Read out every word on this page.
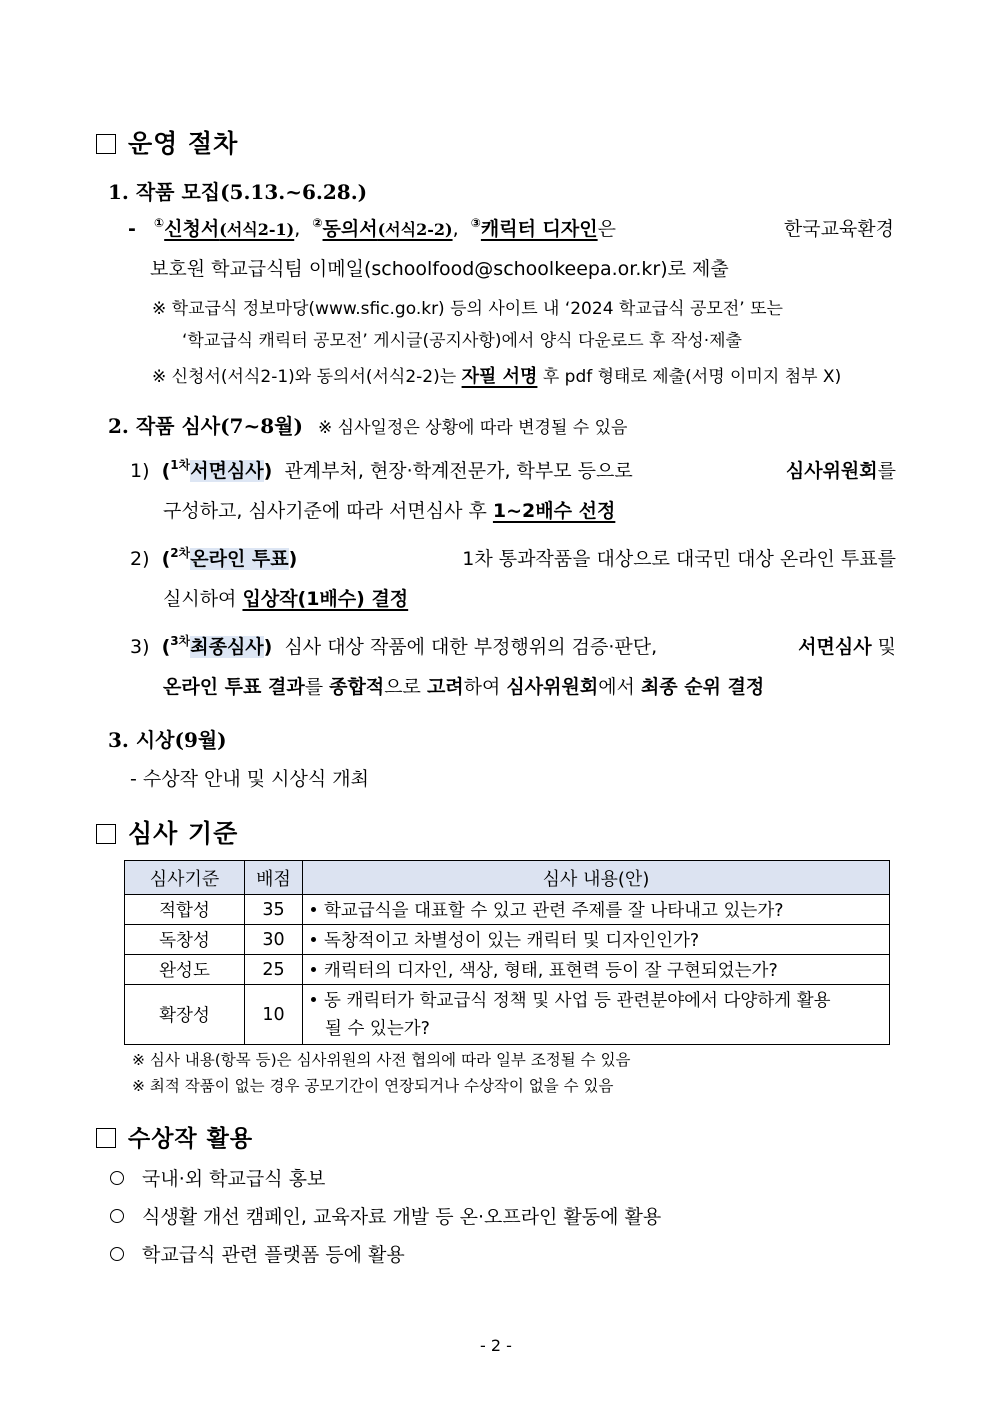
운영 절차
1. 작품 모집(5.13.~6.28.)
- ①신청서(서식2-1), ②동의서(서식2-2), ③캐릭터 디자인은	한국교육환경
보호원 학교급식팀 이메일(schoolfood@schoolkeepa.or.kr)로 제출
※ 학교급식 정보마당(www.sfic.go.kr) 등의 사이트 내 ‘2024 학교급식 공모전’ 또는
‘학교급식 캐릭터 공모전’ 게시글(공지사항)에서 양식 다운로드 후 작성·제출
※ 신청서(서식2-1)와 동의서(서식2-2)는 자필 서명 후 pdf 형태로 제출(서명 이미지 첨부 X)
2. 작품 심사(7~8월) ※ 심사일정은 상황에 따라 변경될 수 있음
1) ($^{1차}$서면심사) 관계부처, 현장·학계전문가, 학부모 등으로	심사위원회를
구성하고, 심사기준에 따라 서면심사 후 1~2배수 선정
2) ($^{2차}$온라인 투표)	1차 통과작품을 대상으로 대국민 대상 온라인 투표를
실시하여 입상작(1배수) 결정
3) ($^{3차}$최종심사) 심사 대상 작품에 대한 부정행위의 검증·판단,	서면심사 및
온라인 투표 결과를 종합적으로 고려하여 심사위원회에서 최종 순위 결정
3. 시상(9월)
- 수상작 안내 및 시상식 개최
심사 기준
심사기준	배점	심사 내용(안)
적합성	35	학교급식을 대표할 수 있고 관련 주제를 잘 나타내고 있는가?
독창성	30	독창적이고 차별성이 있는 캐릭터 및 디자인인가?
완성도	25	캐릭터의 디자인, 색상, 형태, 표현력 등이 잘 구현되었는가?
확장성	10	동 캐릭터가 학교급식 정책 및 사업 등 관련분야에서 다양하게 활용
될 수 있는가?
※ 심사 내용(항목 등)은 심사위원의 사전 협의에 따라 일부 조정될 수 있음
※ 최적 작품이 없는 경우 공모기간이 연장되거나 수상작이 없을 수 있음
수상작 활용
국내·외 학교급식 홍보
식생활 개선 캠페인, 교육자료 개발 등 온·오프라인 활동에 활용
학교급식 관련 플랫폼 등에 활용
- 2 -
